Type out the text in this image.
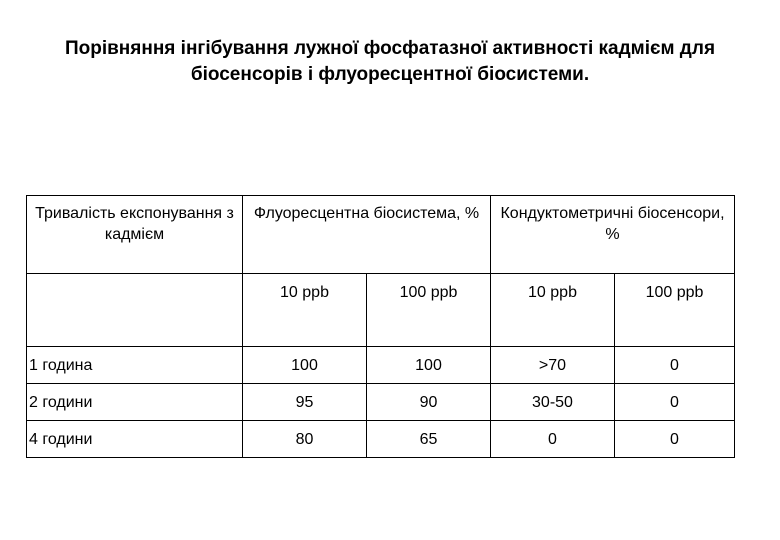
Порівняння інгібування лужної фосфатазної активності кадмієм для
біосенсорів і флуоресцентної біосистеми.
Тривалість експонування з кадмієм	Флуоресцентна біосистема, %		Кондуктометричні біосенсори, %	
	10 ppb	100 ppb	10 ppb	100 ppb
1 година	100	100	>70	0
2 години	95	90	30-50	0
4 години	80	65	0	0
